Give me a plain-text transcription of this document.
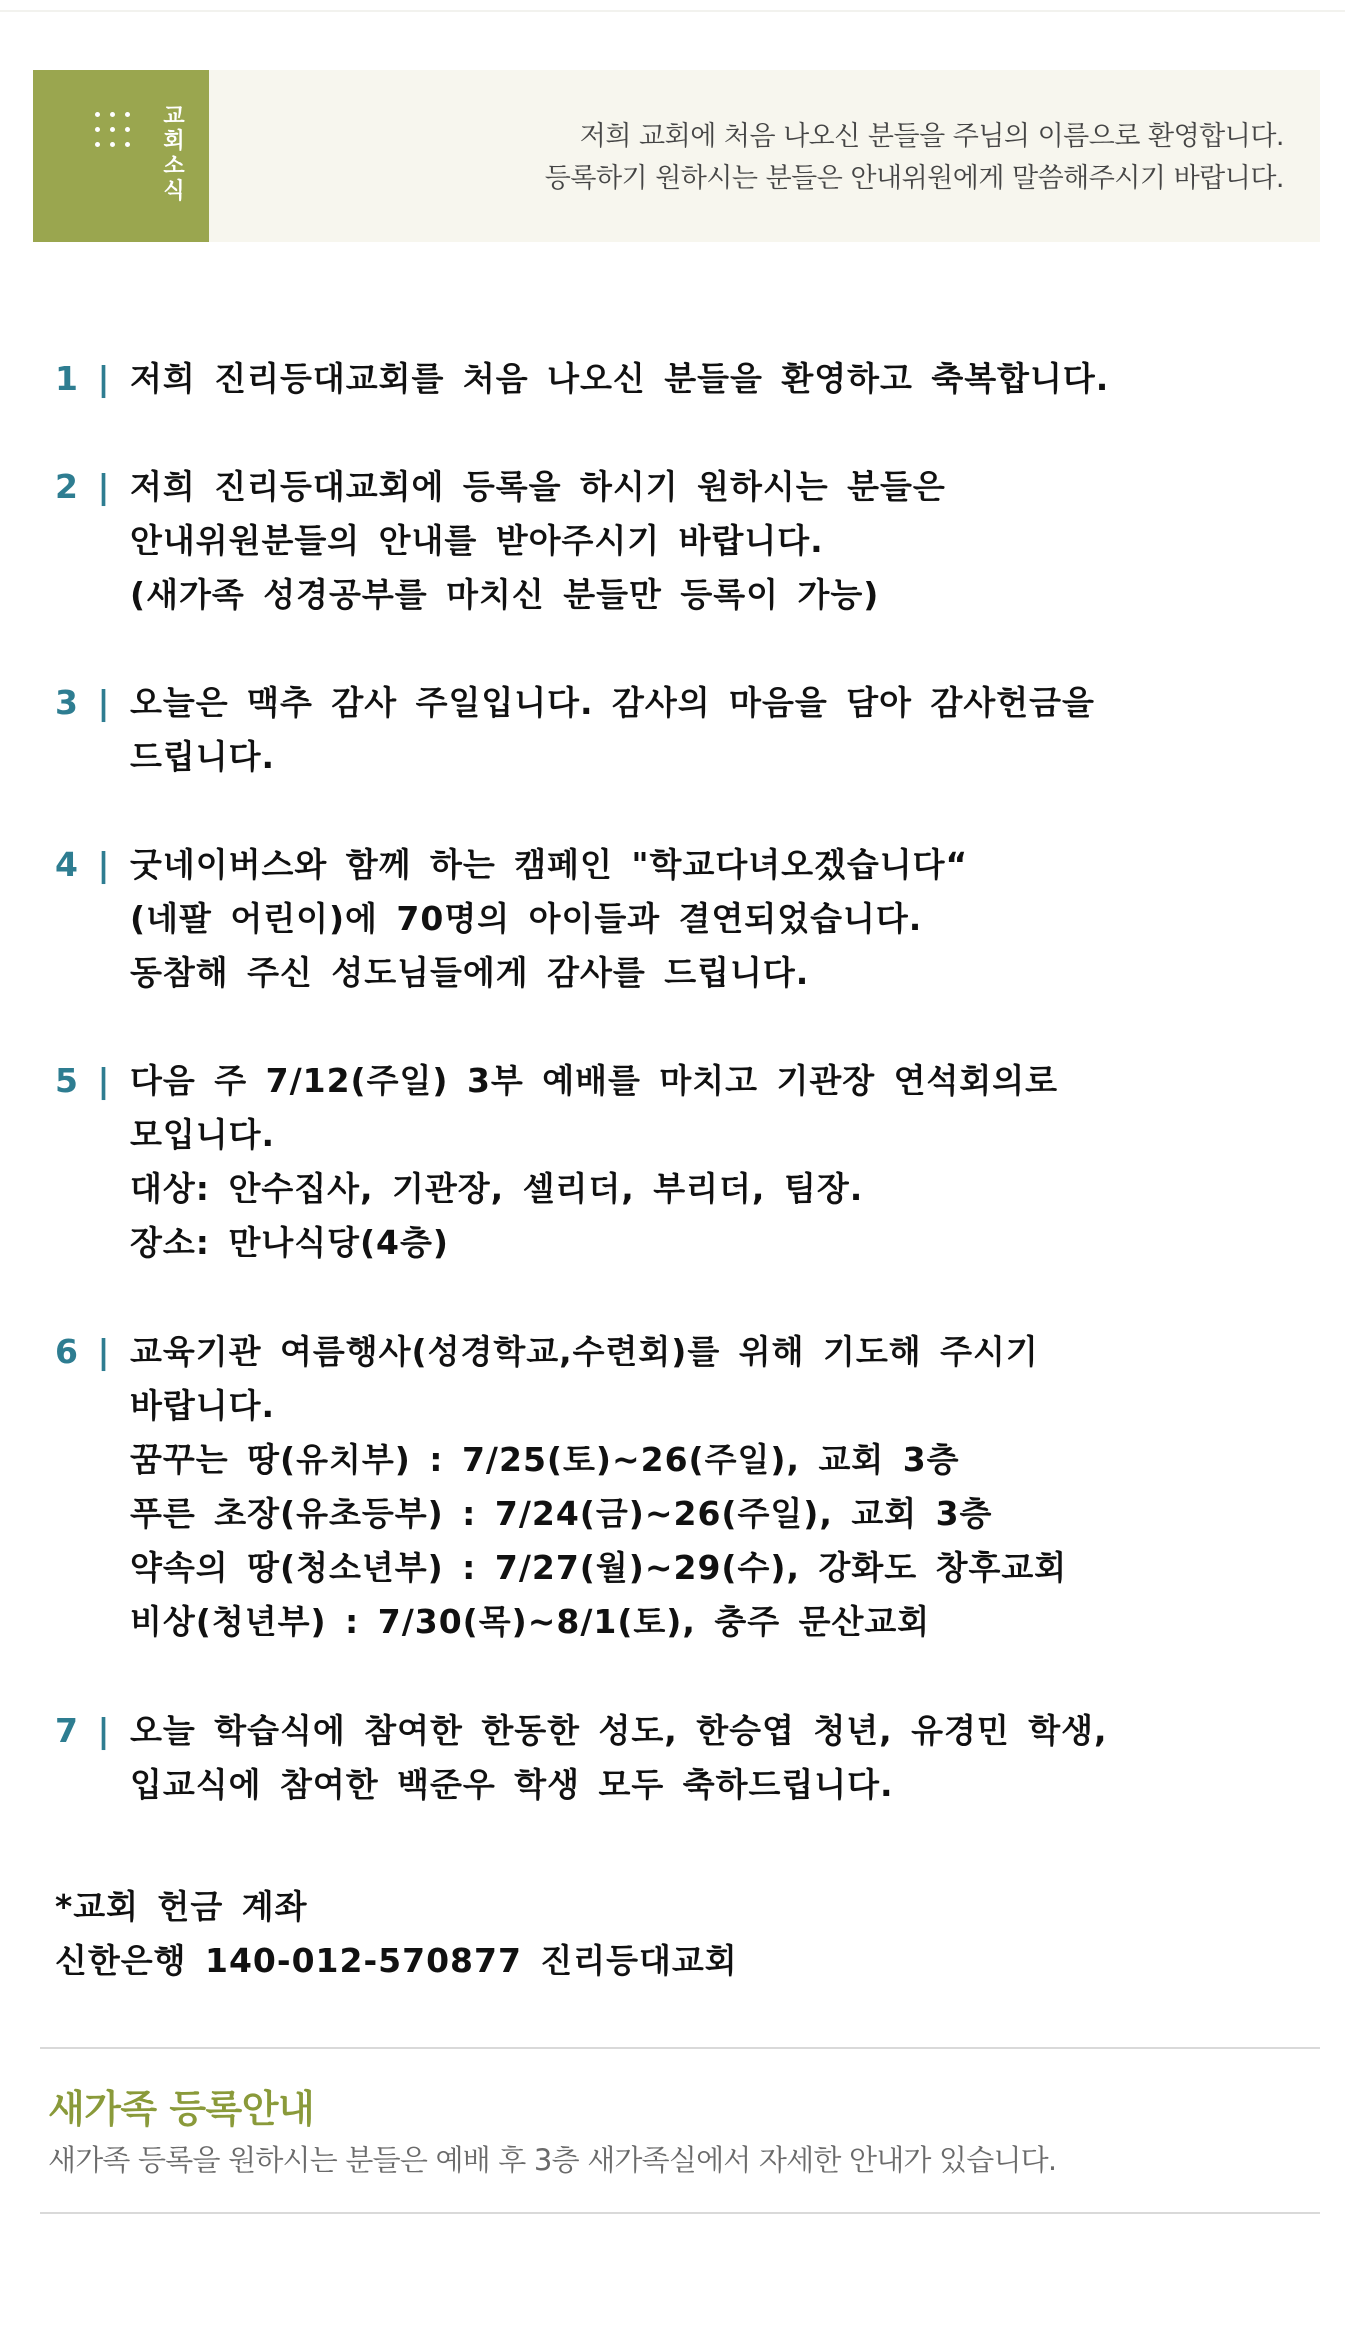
교회소식
저희 교회에 처음 나오신 분들을 주님의 이름으로 환영합니다.
등록하기 원하시는 분들은 안내위원에게 말씀해주시기 바랍니다.
1 | 저희 진리등대교회를 처음 나오신 분들을 환영하고 축복합니다.
2 | 저희 진리등대교회에 등록을 하시기 원하시는 분들은
안내위원분들의 안내를 받아주시기 바랍니다.
(새가족 성경공부를 마치신 분들만 등록이 가능)
3 | 오늘은 맥추 감사 주일입니다. 감사의 마음을 담아 감사헌금을
드립니다.
4 | 굿네이버스와 함께 하는 캠페인 "학교다녀오겠습니다“
(네팔 어린이)에 70명의 아이들과 결연되었습니다.
동참해 주신 성도님들에게 감사를 드립니다.
5 | 다음 주 7/12(주일) 3부 예배를 마치고 기관장 연석회의로
모입니다.
대상: 안수집사, 기관장, 셀리더, 부리더, 팀장.
장소: 만나식당(4층)
6 | 교육기관 여름행사(성경학교,수련회)를 위해 기도해 주시기
바랍니다.
꿈꾸는 땅(유치부) : 7/25(토)~26(주일), 교회 3층
푸른 초장(유초등부) : 7/24(금)~26(주일), 교회 3층
약속의 땅(청소년부) : 7/27(월)~29(수), 강화도 창후교회
비상(청년부) : 7/30(목)~8/1(토), 충주 문산교회
7 | 오늘 학습식에 참여한 한동한 성도, 한승엽 청년, 유경민 학생,
입교식에 참여한 백준우 학생 모두 축하드립니다.
*교회 헌금 계좌
신한은행 140-012-570877 진리등대교회
새가족 등록안내
새가족 등록을 원하시는 분들은 예배 후 3층 새가족실에서 자세한 안내가 있습니다.
